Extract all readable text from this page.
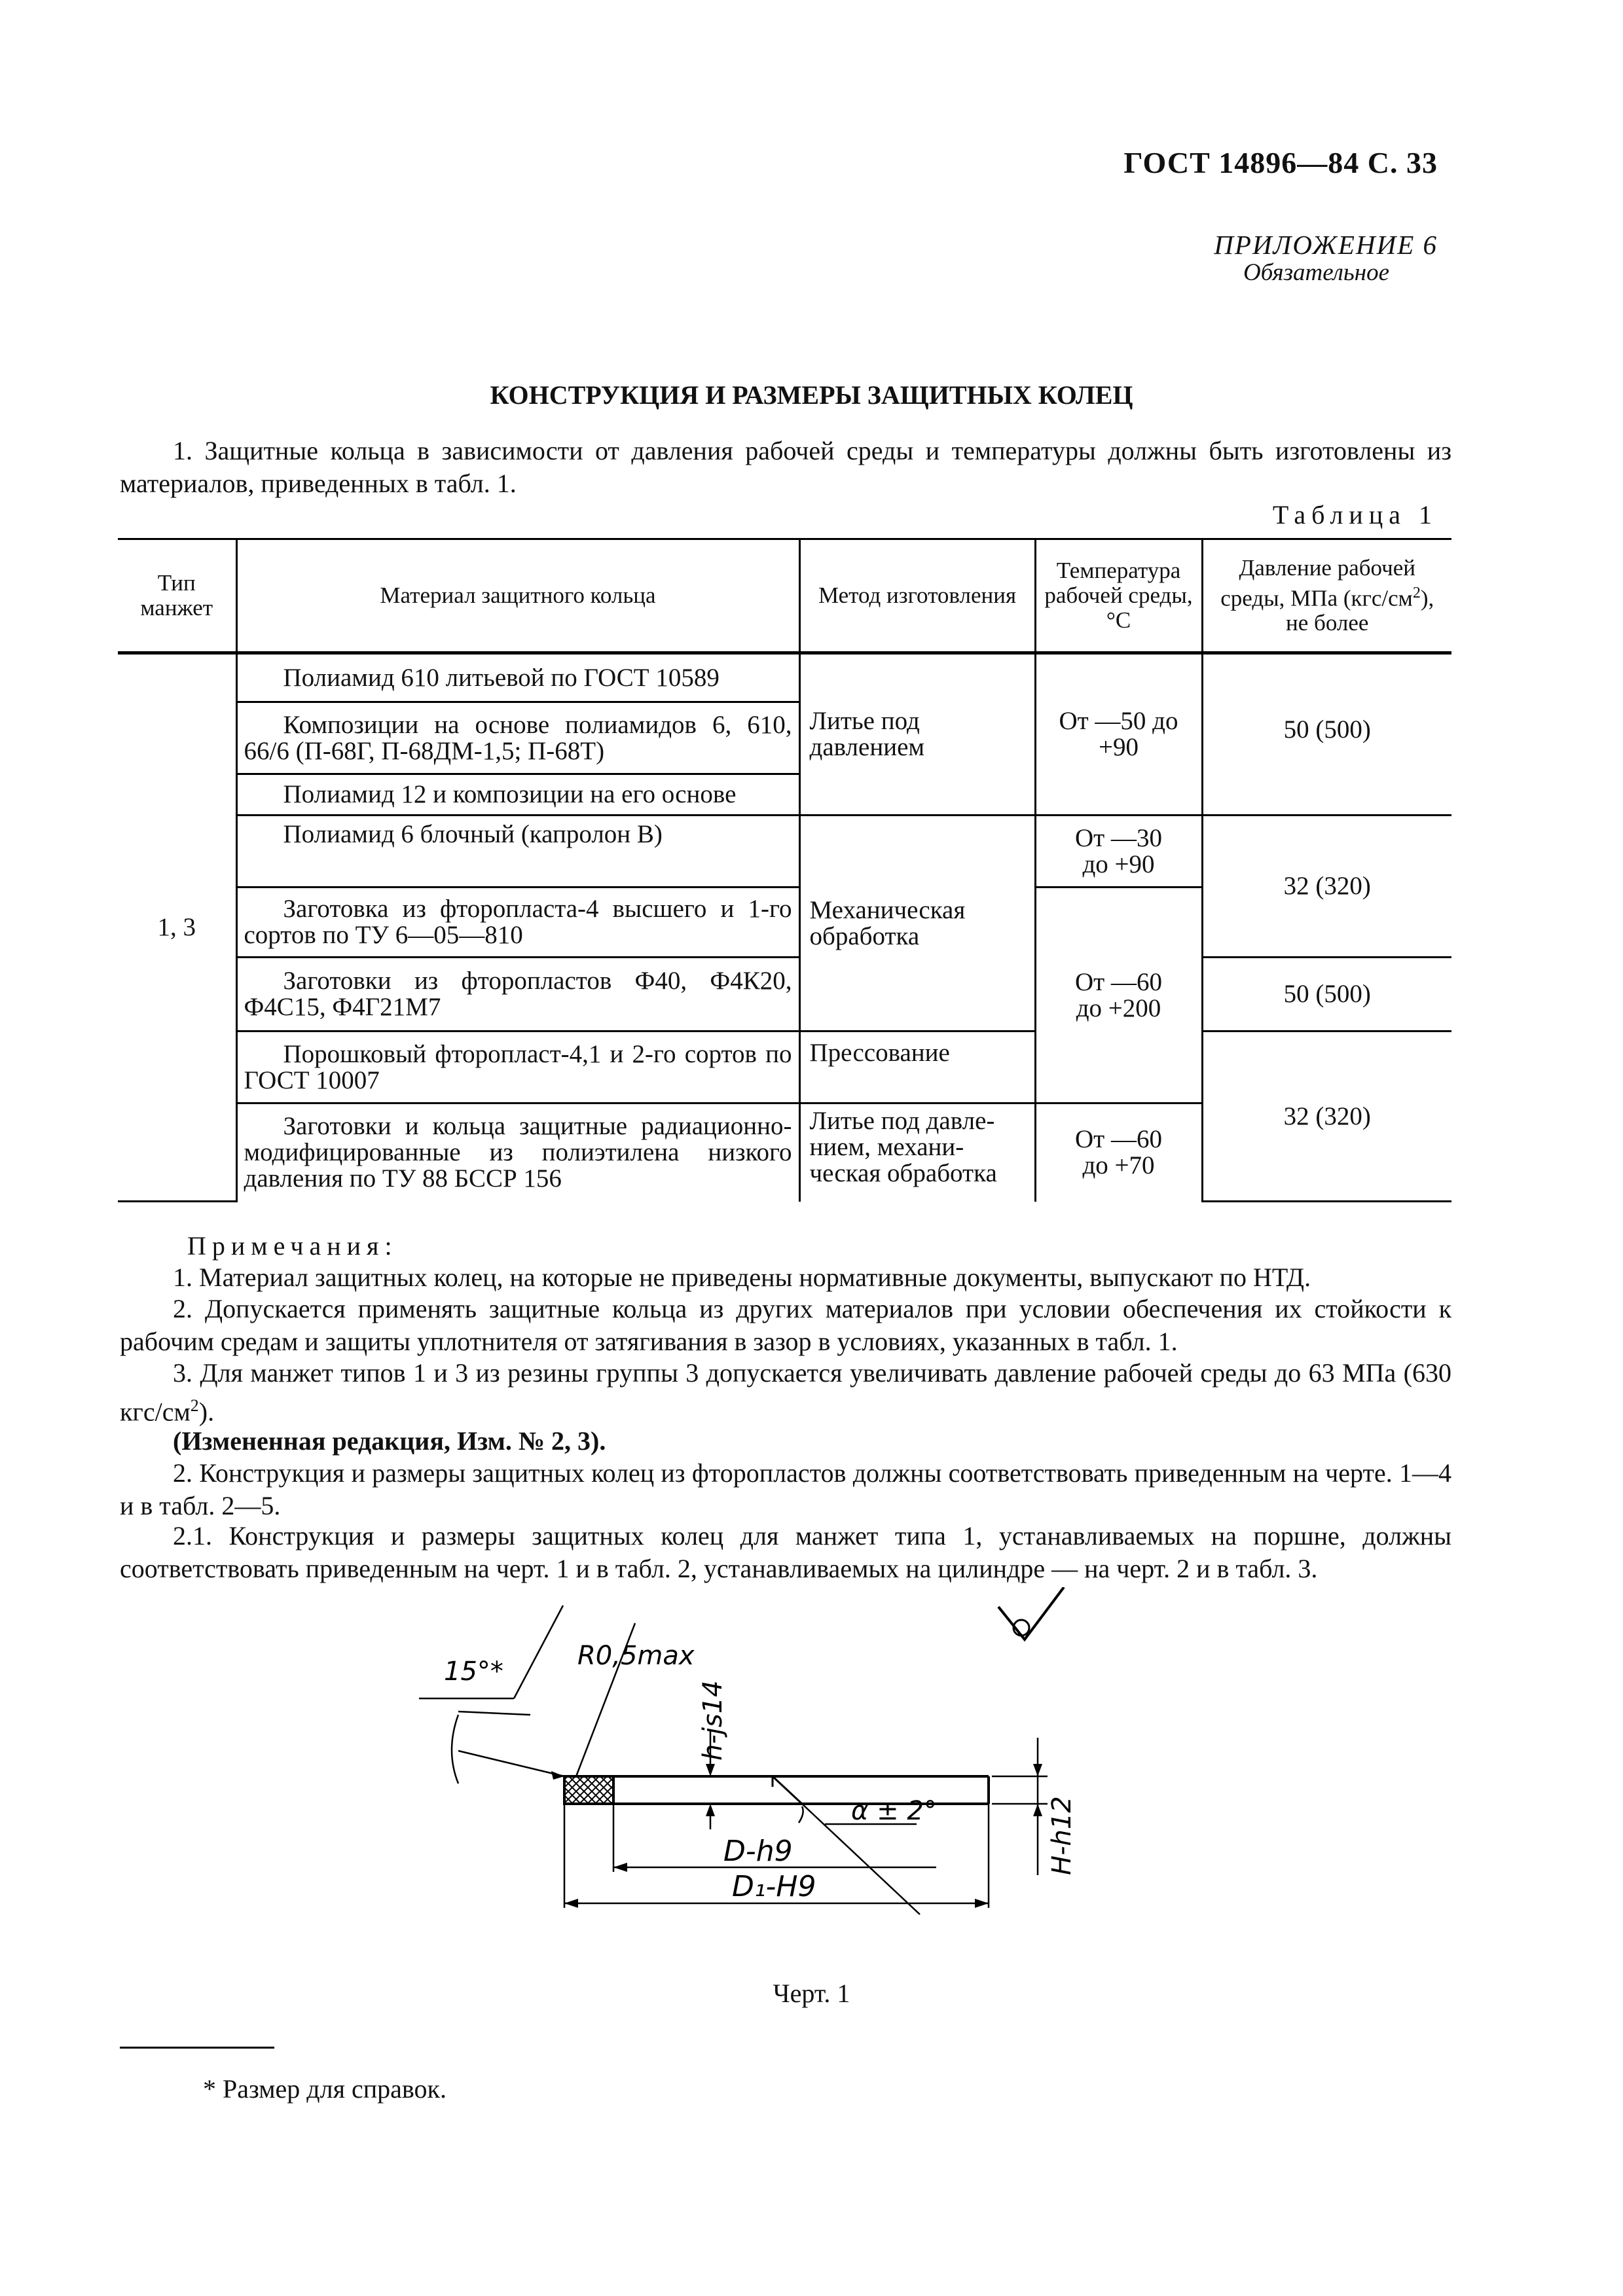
ГОСТ 14896—84 С. 33
ПРИЛОЖЕНИЕ 6
Обязательное
КОНСТРУКЦИЯ И РАЗМЕРЫ ЗАЩИТНЫХ КОЛЕЦ
1. Защитные кольца в зависимости от давления рабочей среды и температуры должны быть изготовлены из материалов, приведенных в табл. 1.
Таблица 1
Тип манжет	Материал защитного кольца	Метод изготовления	Температура рабочей среды, °С	Давление рабочей среды, МПа $(кгс/см^2)$, не более
1, 3	Полиамид 610 литьевой по ГОСТ 10589	Литье под давлением	От —50 до +90	50 (500)

	Композиции на основе полиамидов 6, 610, 66/6 (П-68Г, П-68ДМ-1,5; П-68Т)			

	Полиамид 12 и композиции на его основе			

	Полиамид 6 блочный (капролон В)	Механическая обработка	От —30 до +90	32 (320)

	Заготовка из фторопласта-4 высшего и 1-го сортов по ТУ 6—05—810		От —60 до +200	

	Заготовки из фторопластов Ф40, Ф4К20, Ф4С15, Ф4Г21М7			50 (500)

	Порошковый фторопласт-4,1 и 2-го сортов по ГОСТ 10007	Прессование		32 (320)

	Заготовки и кольца защитные радиационно-модифицированные из полиэтилена низкого давления по ТУ 88 БССР 156	Литье под давле-нием, механи-ческая обработка	От —60 до +70	
Примечания:
1. Материал защитных колец, на которые не приведены нормативные документы, выпускают по НТД.
2. Допускается применять защитные кольца из других материалов при условии обеспечения их стойкости к рабочим средам и защиты уплотнителя от затягивания в зазор в условиях, указанных в табл. 1.
3. Для манжет типов 1 и 3 из резины группы 3 допускается увеличивать давление рабочей среды до 63 МПа (630 кгс/$см^2$).
(Измененная редакция, Изм. № 2, 3).
2. Конструкция и размеры защитных колец из фторопластов должны соответствовать приведенным на черте. 1—4 и в табл. 2—5.
2.1. Конструкция и размеры защитных колец для манжет типа 1, устанавливаемых на поршне, должны соответствовать приведенным на черт. 1 и в табл. 2, устанавливаемых на цилиндре — на черт. 2 и в табл. 3.
15°*
R0,5max
h-js14
α ± 2°
D-h9
D₁-H9
H-h12
Черт. 1
* Размер для справок.
